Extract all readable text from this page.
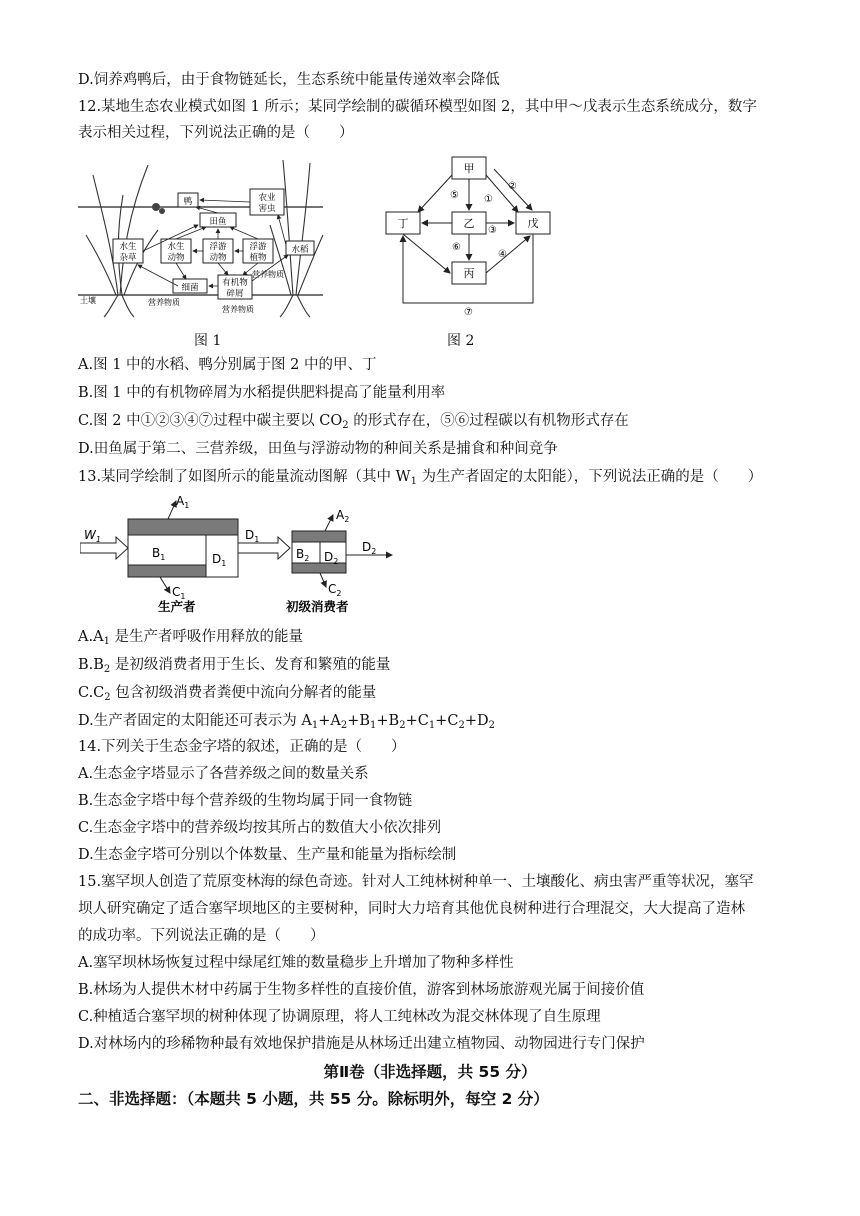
D.饲养鸡鸭后，由于食物链延长，生态系统中能量传递效率会降低
12.某地生态农业模式如图 1 所示；某同学绘制的碳循环模型如图 2，其中甲～戊表示生态系统成分，数字
表示相关过程，下列说法正确的是（　　）
鸭	农业
害虫
田鱼
水生
杂草
水生
动物
浮游
动物
浮游
植物
水稻
营养物质
细菌	有机物
碎屑
营养物质
营养物质
土壤
图 1
甲
乙
丙
丁	戊
⑤
②
①
③
⑥
④
⑦
图 2
A.图 1 中的水稻、鸭分别属于图 2 中的甲、丁
B.图 1 中的有机物碎屑为水稻提供肥料提高了能量利用率
C.图 2 中①②③④⑦过程中碳主要以 $CO_2$ 的形式存在，⑤⑥过程碳以有机物形式存在
D.田鱼属于第二、三营养级，田鱼与浮游动物的种间关系是捕食和种间竞争
13.某同学绘制了如图所示的能量流动图解（其中 $W_1$ 为生产者固定的太阳能），下列说法正确的是（　　）
$W_1$
$B_1$	$D_1$
$A_1$
$C_1$
$D_1$
$B_2$ $D_2$
$A_2$
$C_2$
$D_2$
生产者	初级消费者
$A.A_1$ 是生产者呼吸作用释放的能量
$B.B_2$ 是初级消费者用于生长、发育和繁殖的能量
$C.C_2$ 包含初级消费者粪便中流向分解者的能量
D.生产者固定的太阳能还可表示为 $A_1+A_2+B_1+B_2+C_1+C_2+D_2$
14.下列关于生态金字塔的叙述，正确的是（　　）
A.生态金字塔显示了各营养级之间的数量关系
B.生态金字塔中每个营养级的生物均属于同一食物链
C.生态金字塔中的营养级均按其所占的数值大小依次排列
D.生态金字塔可分别以个体数量、生产量和能量为指标绘制
15.塞罕坝人创造了荒原变林海的绿色奇迹。针对人工纯林树种单一、土壤酸化、病虫害严重等状况，塞罕
坝人研究确定了适合塞罕坝地区的主要树种，同时大力培育其他优良树种进行合理混交，大大提高了造林
的成功率。下列说法正确的是（　　）
A.塞罕坝林场恢复过程中绿尾红雉的数量稳步上升增加了物种多样性
B.林场为人提供木材中药属于生物多样性的直接价值，游客到林场旅游观光属于间接价值
C.种植适合塞罕坝的树种体现了协调原理，将人工纯林改为混交林体现了自生原理
D.对林场内的珍稀物种最有效地保护措施是从林场迁出建立植物园、动物园进行专门保护
第Ⅱ卷（非选择题，共 55 分）
二、非选择题：（本题共 5 小题，共 55 分。除标明外，每空 2 分）
